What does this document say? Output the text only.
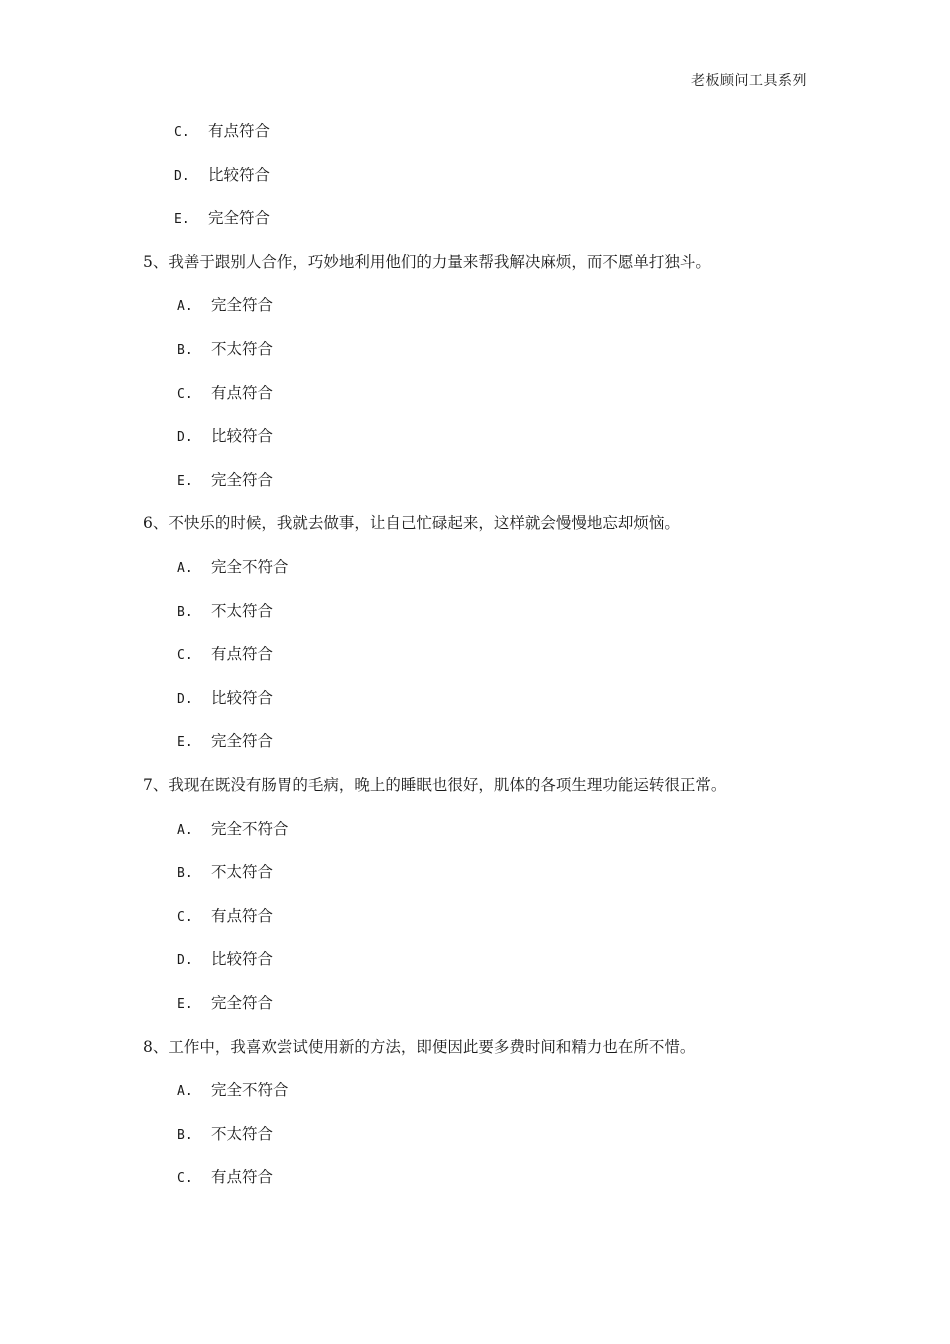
老板顾问工具系列
C. 有点符合
D. 比较符合
E. 完全符合
5、我善于跟别人合作，巧妙地利用他们的力量来帮我解决麻烦，而不愿单打独斗。
A. 完全符合
B. 不太符合
C. 有点符合
D. 比较符合
E. 完全符合
6、不快乐的时候，我就去做事，让自己忙碌起来，这样就会慢慢地忘却烦恼。
A. 完全不符合
B. 不太符合
C. 有点符合
D. 比较符合
E. 完全符合
7、我现在既没有肠胃的毛病，晚上的睡眠也很好，肌体的各项生理功能运转很正常。
A. 完全不符合
B. 不太符合
C. 有点符合
D. 比较符合
E. 完全符合
8、工作中，我喜欢尝试使用新的方法，即便因此要多费时间和精力也在所不惜。
A. 完全不符合
B. 不太符合
C. 有点符合
